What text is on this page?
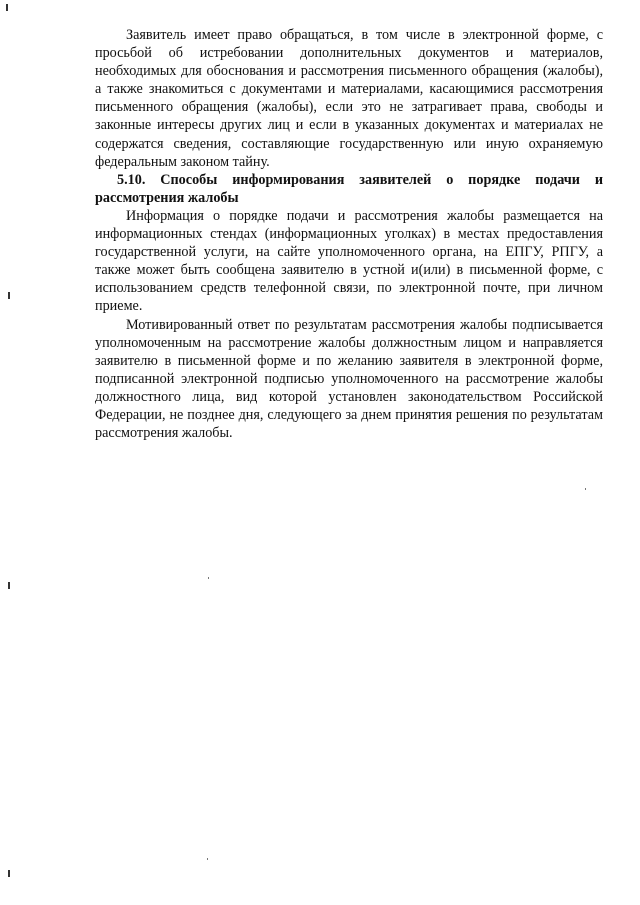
Заявитель имеет право обращаться, в том числе в электронной форме, с просьбой об истребовании дополнительных документов и материалов, необходимых для обоснования и рассмотрения письменного обращения (жалобы), а также знакомиться с документами и материалами, касающимися рассмотрения письменного обращения (жалобы), если это не затрагивает права, свободы и законные интересы других лиц и если в указанных документах и материалах не содержатся сведения, составляющие государственную или иную охраняемую федеральным законом тайну.

5.10. Способы информирования заявителей о порядке подачи и рассмотрения жалобы

Информация о порядке подачи и рассмотрения жалобы размещается на информационных стендах (информационных уголках) в местах предоставления государственной услуги, на сайте уполномоченного органа, на ЕПГУ, РПГУ, а также может быть сообщена заявителю в устной и(или) в письменной форме, с использованием средств телефонной связи, по электронной почте, при личном приеме.

Мотивированный ответ по результатам рассмотрения жалобы подписывается уполномоченным на рассмотрение жалобы должностным лицом и направляется заявителю в письменной форме и по желанию заявителя в электронной форме, подписанной электронной подписью уполномоченного на рассмотрение жалобы должностного лица, вид которой установлен законодательством Российской Федерации, не позднее дня, следующего за днем принятия решения по результатам рассмотрения жалобы.
